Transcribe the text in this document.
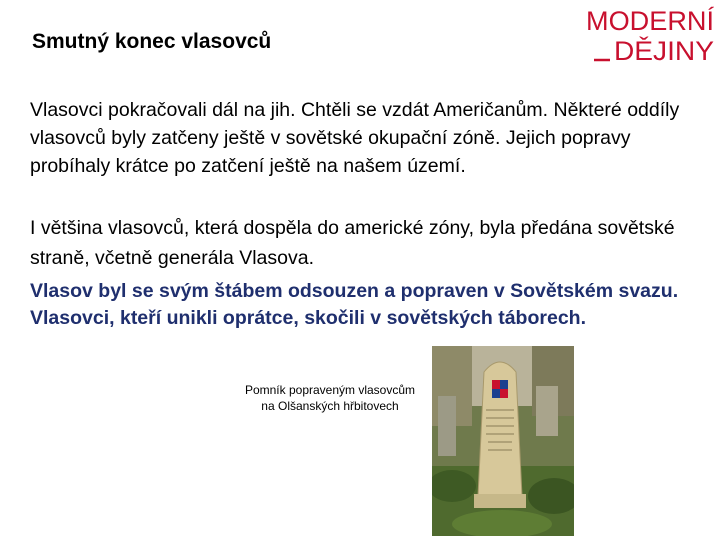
Smutný konec vlasovců
MODERNÍ
DĚJINY

Vlasovci pokračovali dál na jih. Chtěli se vzdát Američanům. Některé oddíly vlasovců byly zatčeny ještě v sovětské okupační zóně. Jejich popravy probíhaly krátce po zatčení ještě na našem území.

I většina vlasovců, která dospěla do americké zóny, byla předána sovětské straně, včetně generála Vlasova.

Vlasov byl se svým štábem odsouzen a popraven v Sovětském svazu. Vlasovci, kteří unikli oprátce, skočili v sovětských táborech.

Pomník popraveným vlasovcům na Olšanských hřbitovech
